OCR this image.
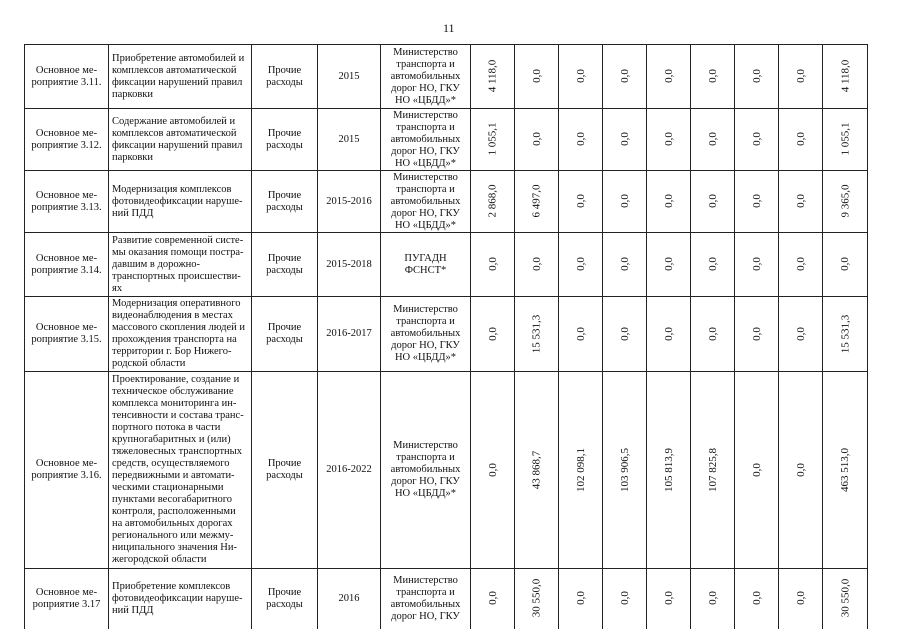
11
Основное ме-роприятие 3.11.	Приобретение автомобилей и комплексов автоматической фиксации нарушений правил парковки	Прочие расходы	2015	Министерство транспорта и автомобильных дорог НО, ГКУ НО «ЦБДД»*	4 118,0	0,0	0,0	0,0	0,0	0,0	0,0	0,0	4 118,0
Основное ме-роприятие 3.12.	Содержание автомобилей и комплексов автоматической фиксации нарушений правил парковки	Прочие расходы	2015	Министерство транспорта и автомобильных дорог НО, ГКУ НО «ЦБДД»*	1 055,1	0,0	0,0	0,0	0,0	0,0	0,0	0,0	1 055,1
Основное ме-роприятие 3.13.	Модернизация комплексов фотовидеофиксации наруше-ний ПДД	Прочие расходы	2015-2016	Министерство транспорта и автомобильных дорог НО, ГКУ НО «ЦБДД»*	2 868,0	6 497,0	0,0	0,0	0,0	0,0	0,0	0,0	9 365,0
Основное ме-роприятие 3.14.	Развитие современной систе-мы оказания помощи постра-давшим в дорожно-транспортных происшестви-ях	Прочие расходы	2015-2018	ПУГАДН ФСНСТ*	0,0	0,0	0,0	0,0	0,0	0,0	0,0	0,0	0,0
Основное ме-роприятие 3.15.	Модернизация оперативного видеонаблюдения в местах массового скопления людей и прохождения транспорта на территории г. Бор Нижего-родской области	Прочие расходы	2016-2017	Министерство транспорта и автомобильных дорог НО, ГКУ НО «ЦБДД»*	0,0	15 531,3	0,0	0,0	0,0	0,0	0,0	0,0	15 531,3
Основное ме-роприятие 3.16.	Проектирование, создание и техническое обслуживание комплекса мониторинга ин-тенсивности и состава транс-портного потока в части крупногабаритных и (или) тяжеловесных транспортных средств, осуществляемого передвижными и автомати-ческими стационарными пунктами весогабаритного контроля, расположенными на автомобильных дорогах регионального или межму-ниципального значения Ни-жегородской области	Прочие расходы	2016-2022	Министерство транспорта и автомобильных дорог НО, ГКУ НО «ЦБДД»*	0,0	43 868,7	102 098,1	103 906,5	105 813,9	107 825,8	0,0	0,0	463 513,0
Основное ме-роприятие 3.17	Приобретение комплексов фотовидеофиксации наруше-ний ПДД	Прочие расходы	2016	Министерство транспорта и автомобильных дорог НО, ГКУ	0,0	30 550,0	0,0	0,0	0,0	0,0	0,0	0,0	30 550,0
